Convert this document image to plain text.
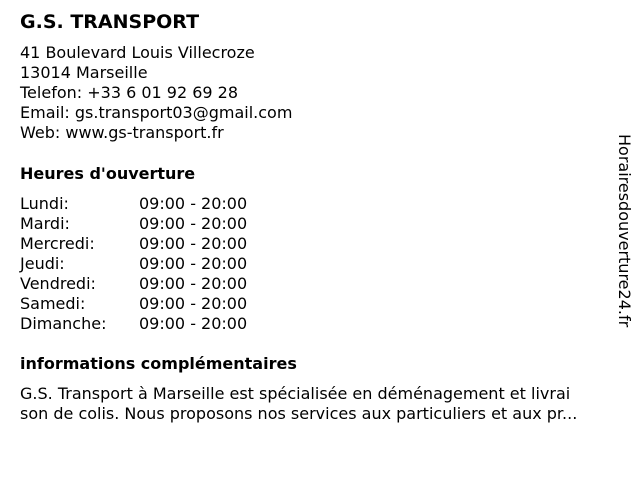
G.S. TRANSPORT
41 Boulevard Louis Villecroze
13014 Marseille
Telefon: +33 6 01 92 69 28
Email: gs.transport03@gmail.com
Web: www.gs-transport.fr
Heures d'ouverture
Lundi:	09:00 - 20:00
Mardi:	09:00 - 20:00
Mercredi:	09:00 - 20:00
Jeudi:	09:00 - 20:00
Vendredi:	09:00 - 20:00
Samedi:	09:00 - 20:00
Dimanche: 09:00 - 20:00
informations complémentaires
G.S. Transport à Marseille est spécialisée en déménagement et livrai
son de colis. Nous proposons nos services aux particuliers et aux pr...
Horairesdouverture24.fr
